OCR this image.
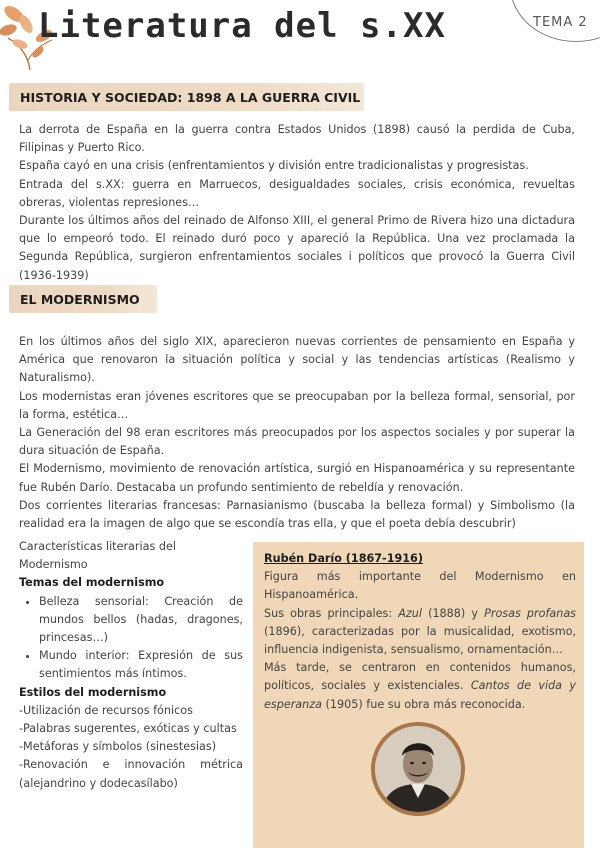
Literatura del s.XX	TEMA 2
HISTORIA Y SOCIEDAD: 1898 A LA GUERRA CIVIL

La derrota de España en la guerra contra Estados Unidos (1898) causó la perdida de Cuba, Filipinas y Puerto Rico.

España cayó en una crisis (enfrentamientos y división entre tradicionalistas y progresistas.

Entrada del s.XX: guerra en Marruecos, desigualdades sociales, crisis económica, revueltas obreras, violentas represiones…

Durante los últimos años del reinado de Alfonso XIII, el general Primo de Rivera hizo una dictadura que lo empeoró todo. El reinado duró poco y apareció la República. Una vez proclamada la Segunda República, surgieron enfrentamientos sociales i políticos que provocó la Guerra Civil (1936-1939)

EL MODERNISMO

En los últimos años del siglo XIX, aparecieron nuevas corrientes de pensamiento en España y América que renovaron la situación política y social y las tendencias artísticas (Realismo y Naturalismo).

Los modernistas eran jóvenes escritores que se preocupaban por la belleza formal, sensorial, por la forma, estética…

La Generación del 98 eran escritores más preocupados por los aspectos sociales y por superar la dura situación de España.

El Modernismo, movimiento de renovación artística, surgió en Hispanoamérica y su representante fue Rubén Darío. Destacaba un profundo sentimiento de rebeldía y renovación.

Dos corrientes literarias francesas: Parnasianismo (buscaba la belleza formal) y Simbolismo (la realidad era la imagen de algo que se escondía tras ella, y que el poeta debía descubrir)

Características literarias del Modernismo

Temas del modernismo

• Belleza sensorial: Creación de mundos bellos (hadas, dragones, princesas…)
• Mundo interior: Expresión de sus sentimientos más íntimos.

Estilos del modernismo

-Utilización de recursos fónicos

-Palabras sugerentes, exóticas y cultas

-Metáforas y símbolos (sinestesias)

-Renovación e innovación métrica (alejandrino y dodecasílabo)

Rubén Darío (1867-1916)

Figura más importante del Modernismo en Hispanoamérica.

Sus obras principales: Azul (1888) y Prosas profanas (1896), caracterizadas por la musicalidad, exotismo, influencia indigenista, sensualismo, ornamentación…

Más tarde, se centraron en contenidos humanos, políticos, sociales y existenciales. Cantos de vida y esperanza (1905) fue su obra más reconocida.
